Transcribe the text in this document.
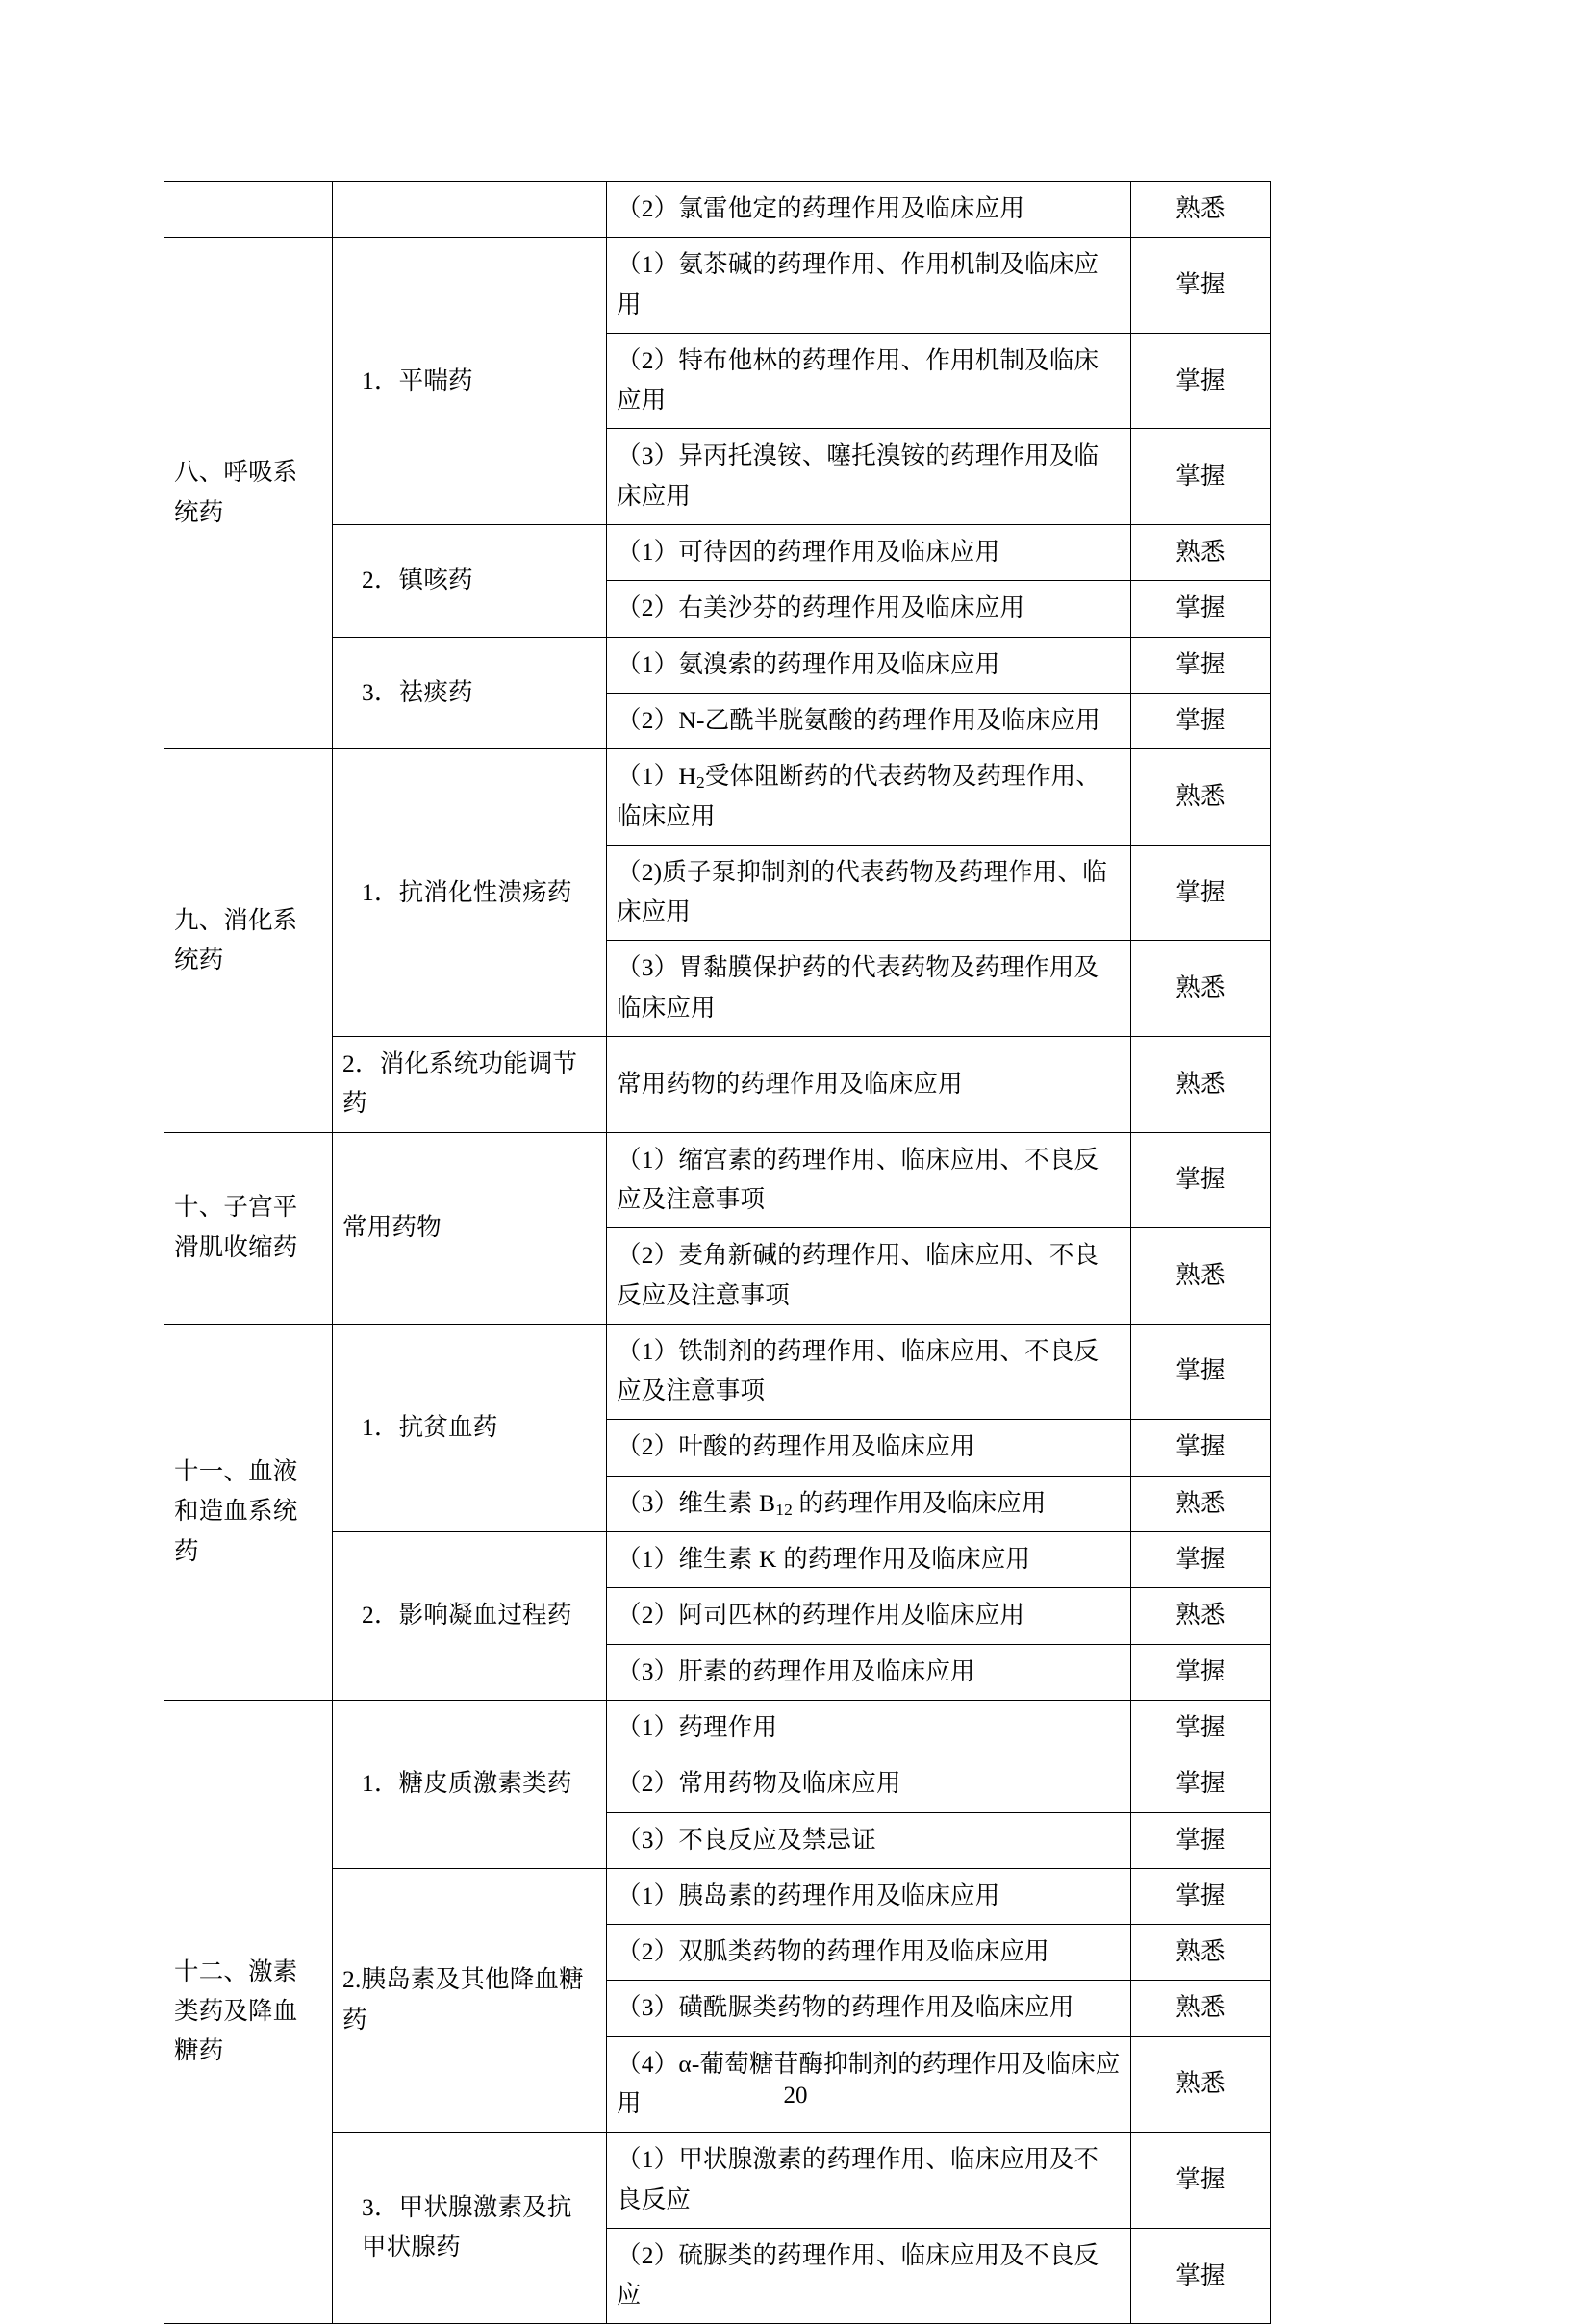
		（2）氯雷他定的药理作用及临床应用	熟悉
八、呼吸系统药	1．平喘药	（1）氨茶碱的药理作用、作用机制及临床应用	掌握
		（2）特布他林的药理作用、作用机制及临床应用	掌握
		（3）异丙托溴铵、噻托溴铵的药理作用及临床应用	掌握
	2．镇咳药	（1）可待因的药理作用及临床应用	熟悉
		（2）右美沙芬的药理作用及临床应用	掌握
	3．祛痰药	（1）氨溴索的药理作用及临床应用	掌握
		（2）N-乙酰半胱氨酸的药理作用及临床应用	掌握
九、消化系统药	1．抗消化性溃疡药	$(1)H_2$受体阻断药的代表药物及药理作用、临床应用	熟悉
		（2)质子泵抑制剂的代表药物及药理作用、临床应用	掌握
		（3）胃黏膜保护药的代表药物及药理作用及临床应用	熟悉
	2．消化系统功能调节药	常用药物的药理作用及临床应用	熟悉
十、子宫平滑肌收缩药	常用药物	（1）缩宫素的药理作用、临床应用、不良反应及注意事项	掌握
		（2）麦角新碱的药理作用、临床应用、不良反应及注意事项	熟悉
十一、血液和造血系统药	1．抗贫血药	（1）铁制剂的药理作用、临床应用、不良反应及注意事项	掌握
		（2）叶酸的药理作用及临床应用	掌握
		（3）维生素 $B_{12}$ 的药理作用及临床应用	熟悉
	2．影响凝血过程药	（1）维生素 K 的药理作用及临床应用	掌握
		（2）阿司匹林的药理作用及临床应用	熟悉
		（3）肝素的药理作用及临床应用	掌握
十二、激素类药及降血糖药	1．糖皮质激素类药	（1）药理作用	掌握
		（2）常用药物及临床应用	掌握
		（3）不良反应及禁忌证	掌握
	2.胰岛素及其他降血糖药	（1）胰岛素的药理作用及临床应用	掌握
		（2）双胍类药物的药理作用及临床应用	熟悉
		（3）磺酰脲类药物的药理作用及临床应用	熟悉
		（4）α-葡萄糖苷酶抑制剂的药理作用及临床应用	熟悉
	3．甲状腺激素及抗甲状腺药	（1）甲状腺激素的药理作用、临床应用及不良反应	掌握
		（2）硫脲类的药理作用、临床应用及不良反应	掌握
20
